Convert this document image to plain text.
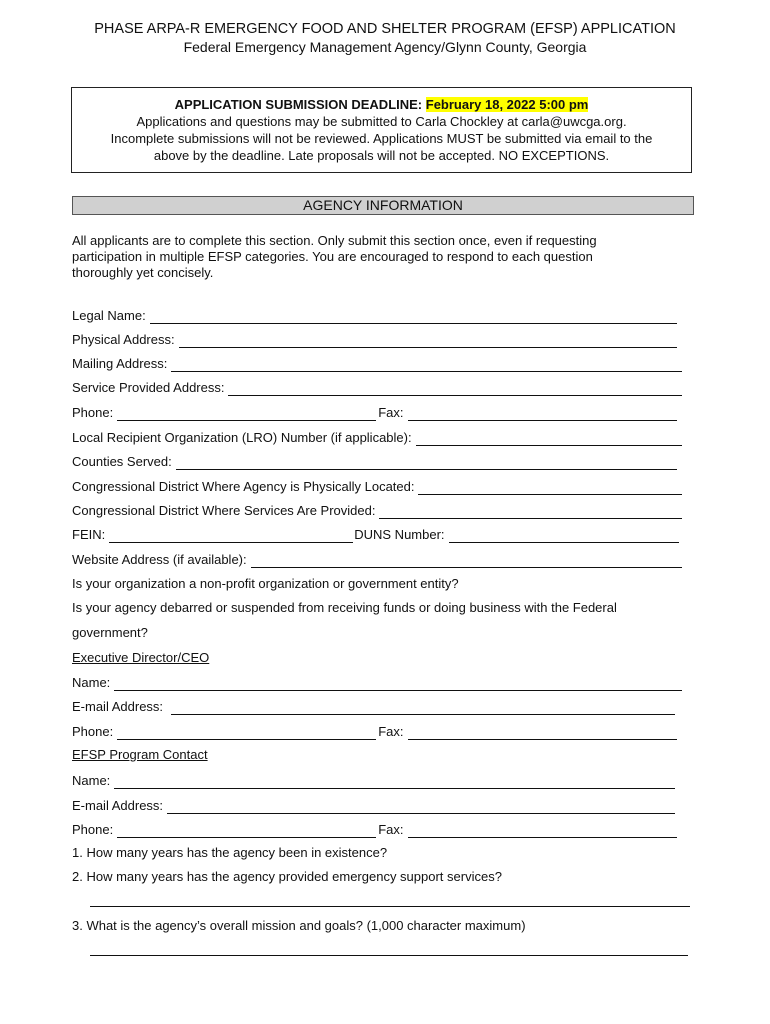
PHASE ARPA-R EMERGENCY FOOD AND SHELTER PROGRAM (EFSP) APPLICATION
Federal Emergency Management Agency/Glynn County, Georgia
APPLICATION SUBMISSION DEADLINE: February 18, 2022 5:00 pm
Applications and questions may be submitted to Carla Chockley at carla@uwcga.org.
Incomplete submissions will not be reviewed. Applications MUST be submitted via email to the
above by the deadline. Late proposals will not be accepted. NO EXCEPTIONS.
AGENCY INFORMATION
All applicants are to complete this section. Only submit this section once, even if requesting
participation in multiple EFSP categories. You are encouraged to respond to each question
thoroughly yet concisely.
Legal Name:
Physical Address:
Mailing Address:
Service Provided Address:
Phone:	Fax:
Local Recipient Organization (LRO) Number (if applicable):
Counties Served:
Congressional District Where Agency is Physically Located:
Congressional District Where Services Are Provided:
FEIN:	DUNS Number:
Website Address (if available):
Is your organization a non-profit organization or government entity?
Is your agency debarred or suspended from receiving funds or doing business with the Federal
government?
Executive Director/CEO
Name:
E-mail Address:
Phone:	Fax:
EFSP Program Contact
Name:
E-mail Address:
Phone:	Fax:
1. How many years has the agency been in existence?
2. How many years has the agency provided emergency support services?
3. What is the agency’s overall mission and goals? (1,000 character maximum)
